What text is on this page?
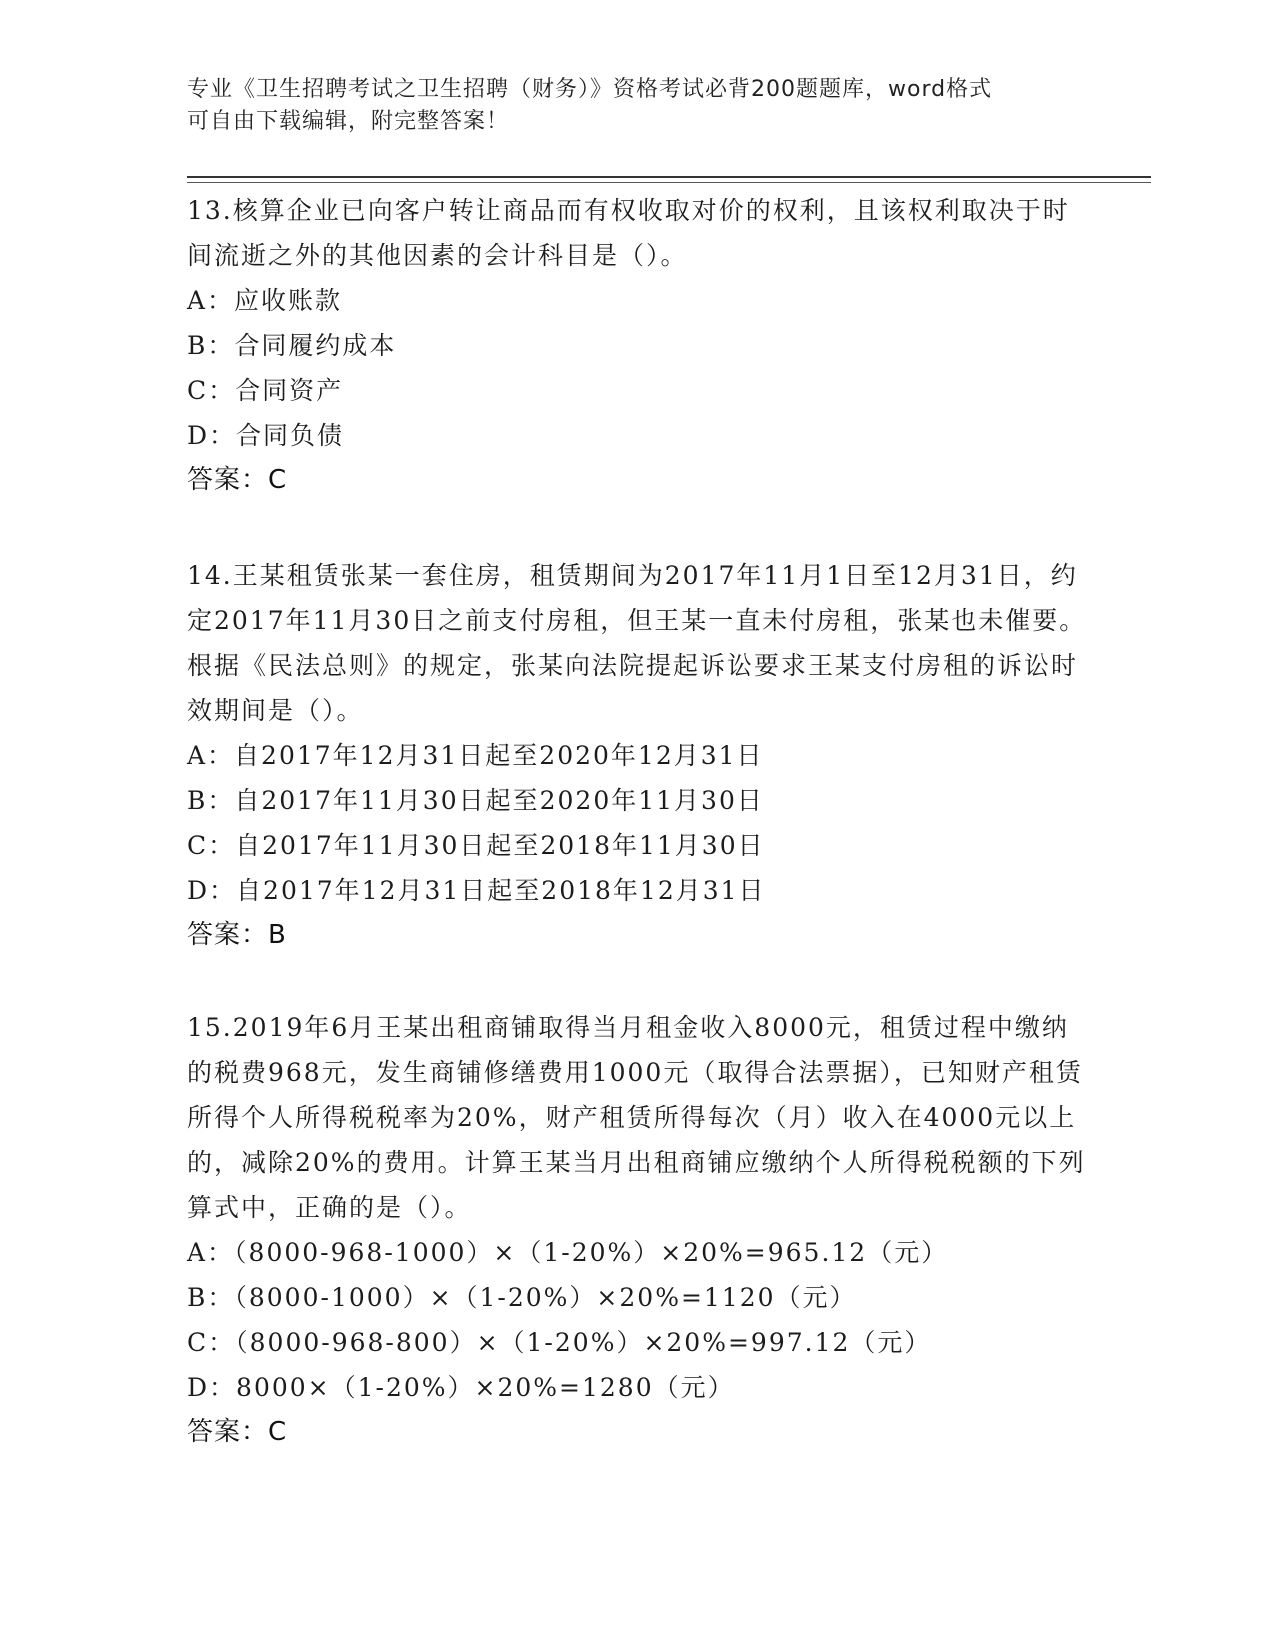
专业《卫生招聘考试之卫生招聘（财务）》资格考试必背200题题库，word格式
可自由下载编辑，附完整答案！
13.核算企业已向客户转让商品而有权收取对价的权利，且该权利取决于时间流逝之外的其他因素的会计科目是（）。
A：应收账款
B：合同履约成本
C：合同资产
D：合同负债
答案：C
14.王某租赁张某一套住房，租赁期间为2017年11月1日至12月31日，约定2017年11月30日之前支付房租，但王某一直未付房租，张某也未催要。根据《民法总则》的规定，张某向法院提起诉讼要求王某支付房租的诉讼时效期间是（）。
A：自2017年12月31日起至2020年12月31日
B：自2017年11月30日起至2020年11月30日
C：自2017年11月30日起至2018年11月30日
D：自2017年12月31日起至2018年12月31日
答案：B
15.2019年6月王某出租商铺取得当月租金收入8000元，租赁过程中缴纳的税费968元，发生商铺修缮费用1000元（取得合法票据），已知财产租赁所得个人所得税税率为20%，财产租赁所得每次（月）收入在4000元以上的，减除20%的费用。计算王某当月出租商铺应缴纳个人所得税税额的下列算式中，正确的是（）。
A：（8000-968-1000）×（1-20%）×20%=965.12（元）
B：（8000-1000）×（1-20%）×20%=1120（元）
C：（8000-968-800）×（1-20%）×20%=997.12（元）
D：8000×（1-20%）×20%=1280（元）
答案：C
